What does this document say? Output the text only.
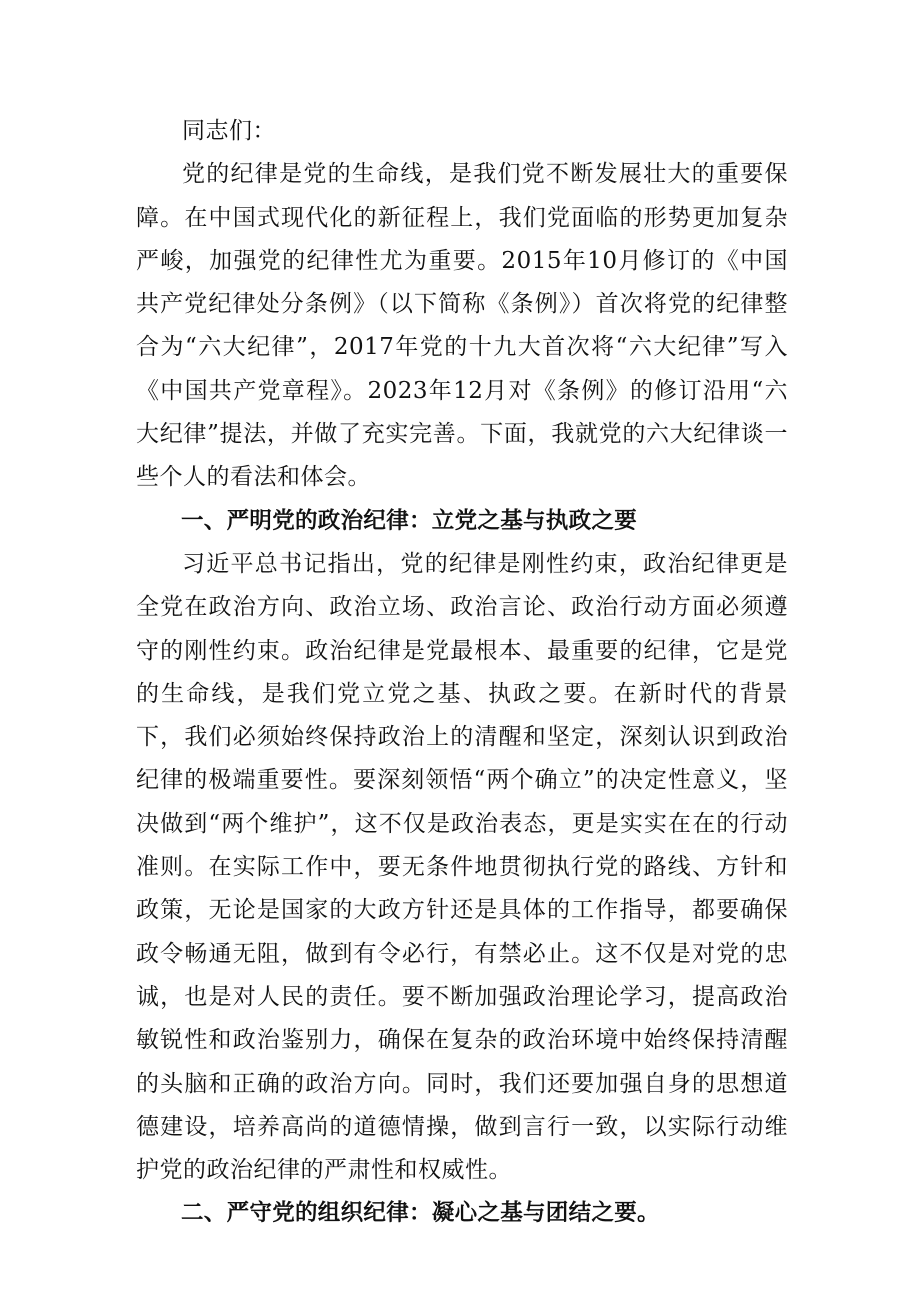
同志们：

党的纪律是党的生命线，是我们党不断发展壮大的重要保障。在中国式现代化的新征程上，我们党面临的形势更加复杂严峻，加强党的纪律性尤为重要。2015年10月修订的《中国共产党纪律处分条例》（以下简称《条例》）首次将党的纪律整合为“六大纪律”，2017年党的十九大首次将“六大纪律”写入《中国共产党章程》。2023年12月对《条例》的修订沿用“六大纪律”提法，并做了充实完善。下面，我就党的六大纪律谈一些个人的看法和体会。

一、严明党的政治纪律：立党之基与执政之要

习近平总书记指出，党的纪律是刚性约束，政治纪律更是全党在政治方向、政治立场、政治言论、政治行动方面必须遵守的刚性约束。政治纪律是党最根本、最重要的纪律，它是党的生命线，是我们党立党之基、执政之要。在新时代的背景下，我们必须始终保持政治上的清醒和坚定，深刻认识到政治纪律的极端重要性。要深刻领悟“两个确立”的决定性意义，坚决做到“两个维护”，这不仅是政治表态，更是实实在在的行动准则。在实际工作中，要无条件地贯彻执行党的路线、方针和政策，无论是国家的大政方针还是具体的工作指导，都要确保政令畅通无阻，做到有令必行，有禁必止。这不仅是对党的忠诚，也是对人民的责任。要不断加强政治理论学习，提高政治敏锐性和政治鉴别力，确保在复杂的政治环境中始终保持清醒的头脑和正确的政治方向。同时，我们还要加强自身的思想道德建设，培养高尚的道德情操，做到言行一致，以实际行动维护党的政治纪律的严肃性和权威性。

二、严守党的组织纪律：凝心之基与团结之要。
